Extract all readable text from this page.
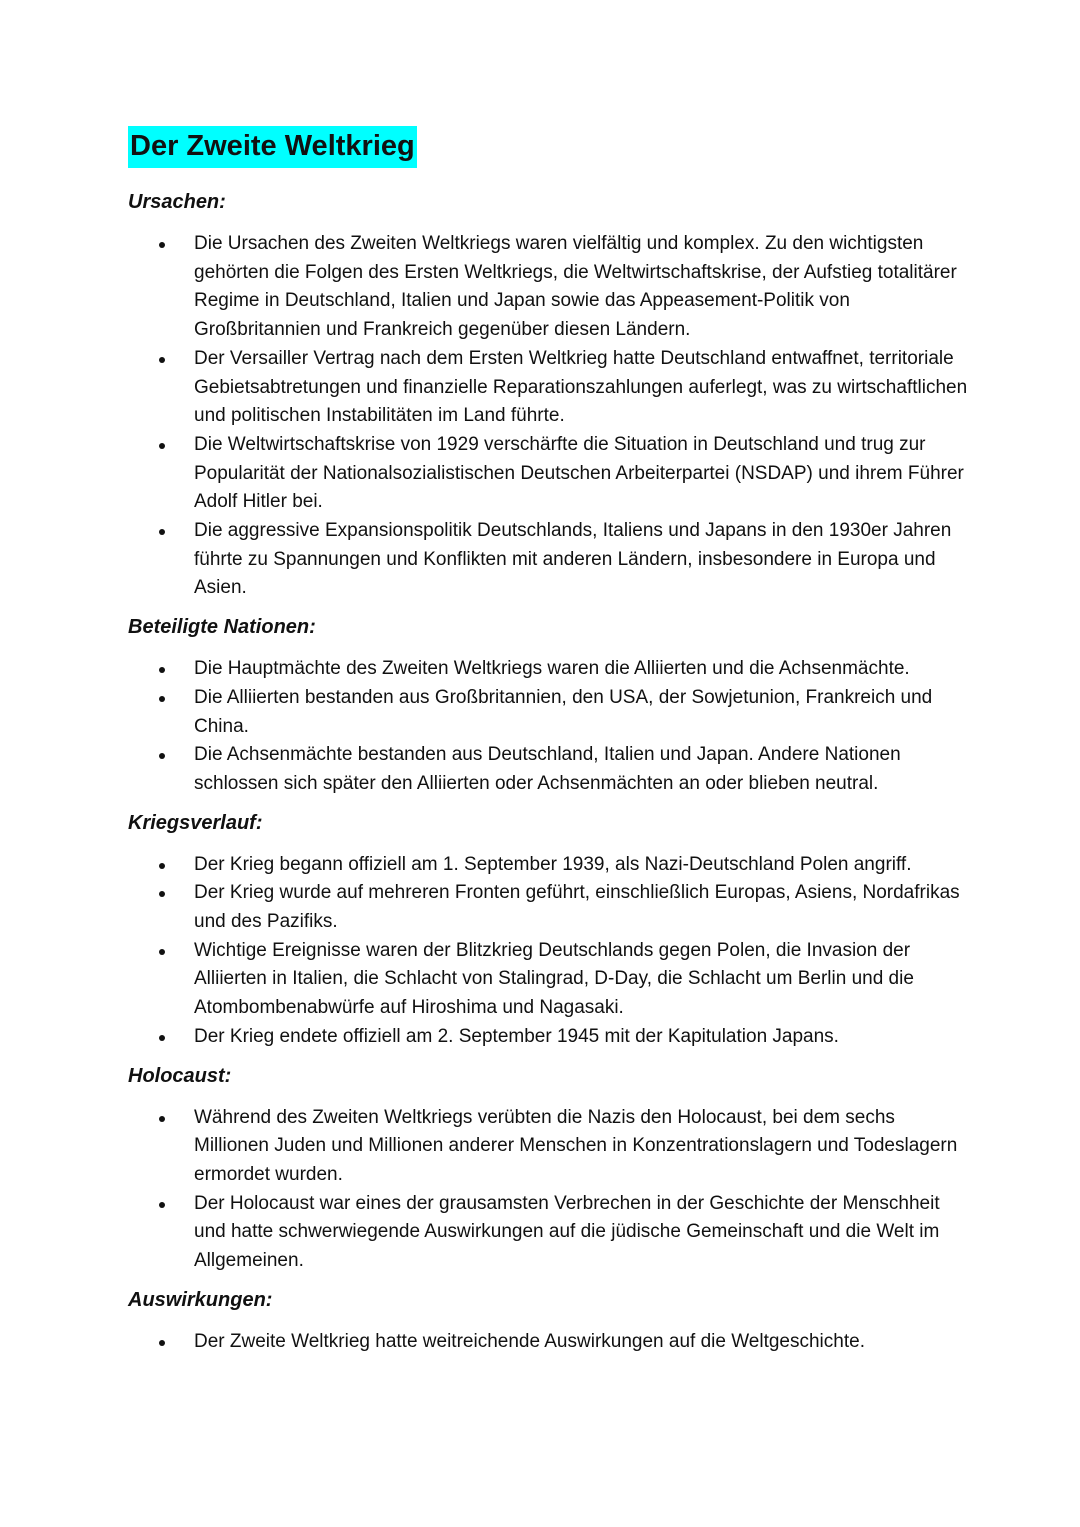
Der Zweite Weltkrieg
Ursachen:
Die Ursachen des Zweiten Weltkriegs waren vielfältig und komplex. Zu den wichtigsten gehörten die Folgen des Ersten Weltkriegs, die Weltwirtschaftskrise, der Aufstieg totalitärer Regime in Deutschland, Italien und Japan sowie das Appeasement-Politik von Großbritannien und Frankreich gegenüber diesen Ländern.
Der Versailler Vertrag nach dem Ersten Weltkrieg hatte Deutschland entwaffnet, territoriale Gebietsabtretungen und finanzielle Reparationszahlungen auferlegt, was zu wirtschaftlichen und politischen Instabilitäten im Land führte.
Die Weltwirtschaftskrise von 1929 verschärfte die Situation in Deutschland und trug zur Popularität der Nationalsozialistischen Deutschen Arbeiterpartei (NSDAP) und ihrem Führer Adolf Hitler bei.
Die aggressive Expansionspolitik Deutschlands, Italiens und Japans in den 1930er Jahren führte zu Spannungen und Konflikten mit anderen Ländern, insbesondere in Europa und Asien.
Beteiligte Nationen:
Die Hauptmächte des Zweiten Weltkriegs waren die Alliierten und die Achsenmächte.
Die Alliierten bestanden aus Großbritannien, den USA, der Sowjetunion, Frankreich und China.
Die Achsenmächte bestanden aus Deutschland, Italien und Japan. Andere Nationen schlossen sich später den Alliierten oder Achsenmächten an oder blieben neutral.
Kriegsverlauf:
Der Krieg begann offiziell am 1. September 1939, als Nazi-Deutschland Polen angriff.
Der Krieg wurde auf mehreren Fronten geführt, einschließlich Europas, Asiens, Nordafrikas und des Pazifiks.
Wichtige Ereignisse waren der Blitzkrieg Deutschlands gegen Polen, die Invasion der Alliierten in Italien, die Schlacht von Stalingrad, D-Day, die Schlacht um Berlin und die Atombombenabwürfe auf Hiroshima und Nagasaki.
Der Krieg endete offiziell am 2. September 1945 mit der Kapitulation Japans.
Holocaust:
Während des Zweiten Weltkriegs verübten die Nazis den Holocaust, bei dem sechs Millionen Juden und Millionen anderer Menschen in Konzentrationslagern und Todeslagern ermordet wurden.
Der Holocaust war eines der grausamsten Verbrechen in der Geschichte der Menschheit und hatte schwerwiegende Auswirkungen auf die jüdische Gemeinschaft und die Welt im Allgemeinen.
Auswirkungen:
Der Zweite Weltkrieg hatte weitreichende Auswirkungen auf die Weltgeschichte.
